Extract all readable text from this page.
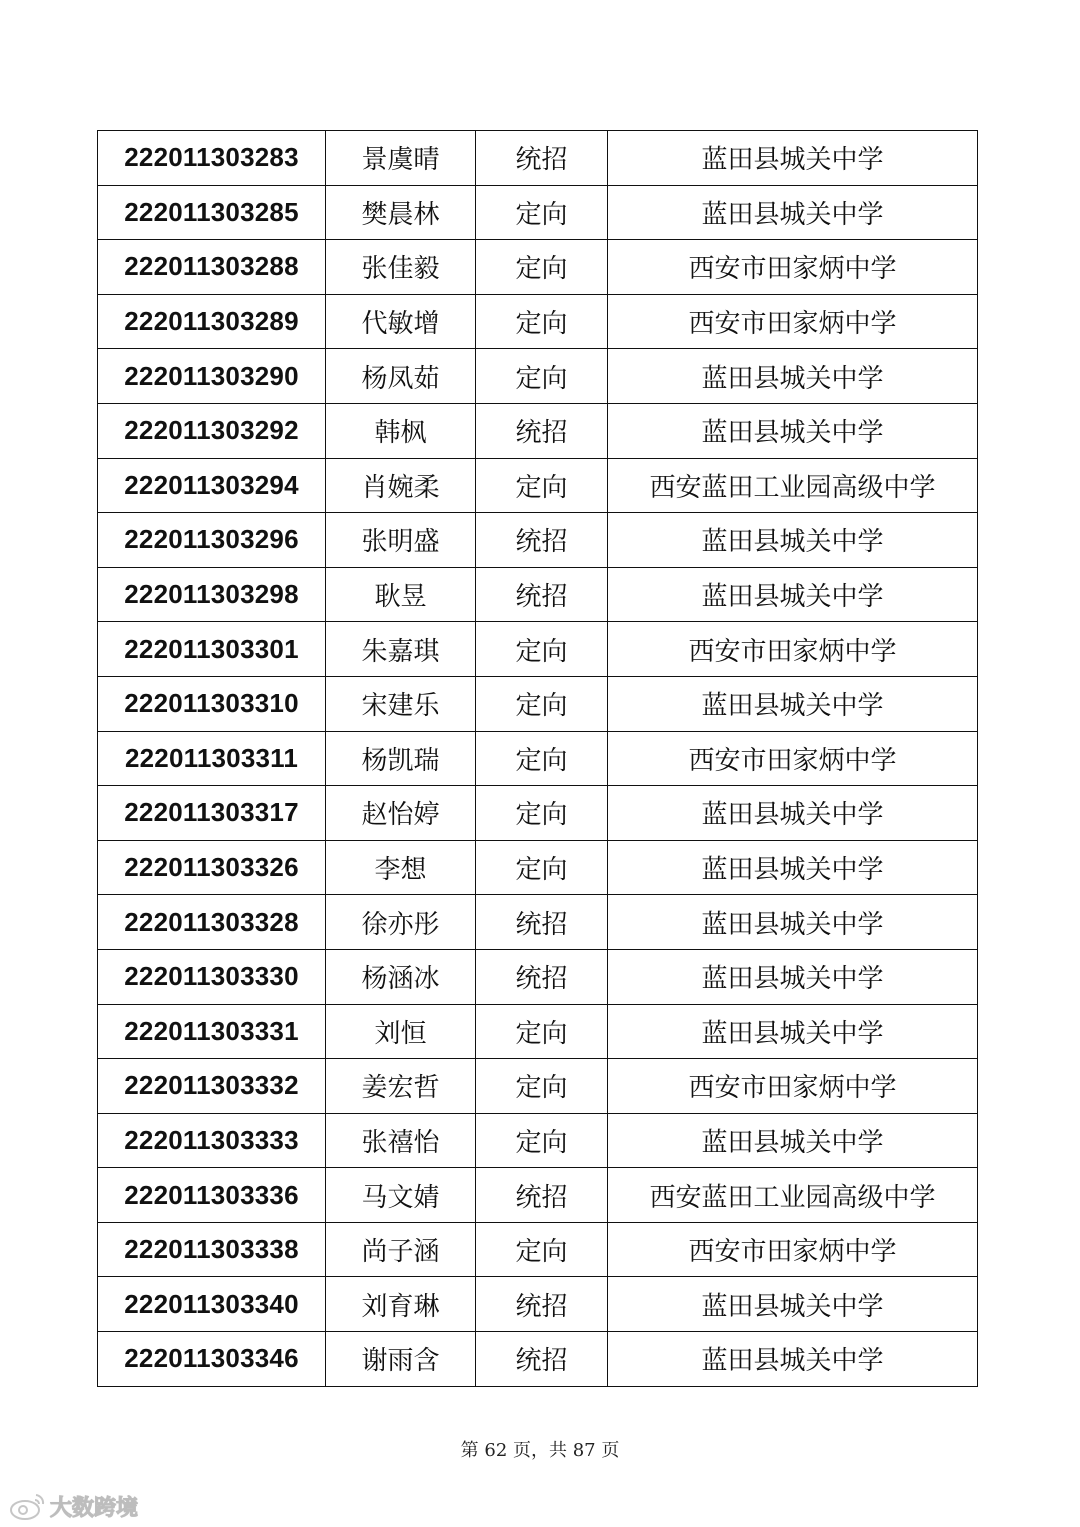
222011303283	景虞晴	统招	蓝田县城关中学
222011303285	樊晨林	定向	蓝田县城关中学
222011303288	张佳毅	定向	西安市田家炳中学
222011303289	代敏增	定向	西安市田家炳中学
222011303290	杨凤茹	定向	蓝田县城关中学
222011303292	韩枫	统招	蓝田县城关中学
222011303294	肖婉柔	定向	西安蓝田工业园高级中学
222011303296	张明盛	统招	蓝田县城关中学
222011303298	耿昱	统招	蓝田县城关中学
222011303301	朱嘉琪	定向	西安市田家炳中学
222011303310	宋建乐	定向	蓝田县城关中学
222011303311	杨凯瑞	定向	西安市田家炳中学
222011303317	赵怡婷	定向	蓝田县城关中学
222011303326	李想	定向	蓝田县城关中学
222011303328	徐亦彤	统招	蓝田县城关中学
222011303330	杨涵冰	统招	蓝田县城关中学
222011303331	刘恒	定向	蓝田县城关中学
222011303332	姜宏哲	定向	西安市田家炳中学
222011303333	张禧怡	定向	蓝田县城关中学
222011303336	马文婧	统招	西安蓝田工业园高级中学
222011303338	尚子涵	定向	西安市田家炳中学
222011303340	刘育琳	统招	蓝田县城关中学
222011303346	谢雨含	统招	蓝田县城关中学
第 62 页，共 87 页
大数跨境
